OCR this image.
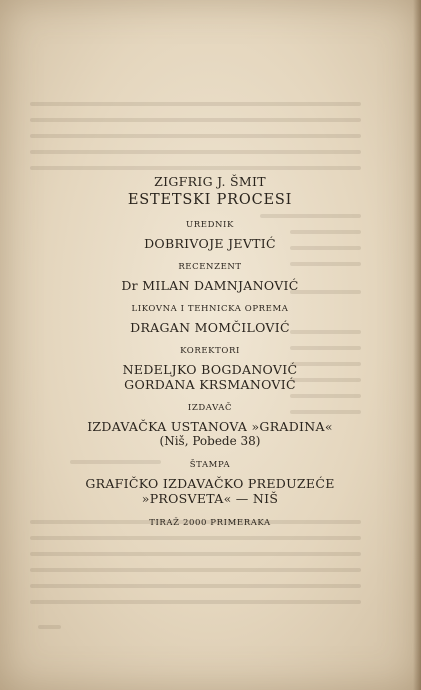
ZIGFRIG J. ŠMIT
ESTETSKI PROCESI
UREDNIK
DOBRIVOJE JEVTIĆ
RECENZENT
Dr MILAN DAMNJANOVIĆ
LIKOVNA I TEHNICKA OPREMA
DRAGAN MOMČILOVIĆ
KOREKTORI
NEDELJKO BOGDANOVIĆ
GORDANA KRSMANOVIĆ
IZDAVAČ
IZDAVAČKA USTANOVA »GRADINA«
(Niš, Pobede 38)
ŠTAMPA
GRAFIČKO IZDAVAČKO PREDUZEĆE
»PROSVETA« — NIŠ
TIRAŽ 2000 PRIMERAKA
